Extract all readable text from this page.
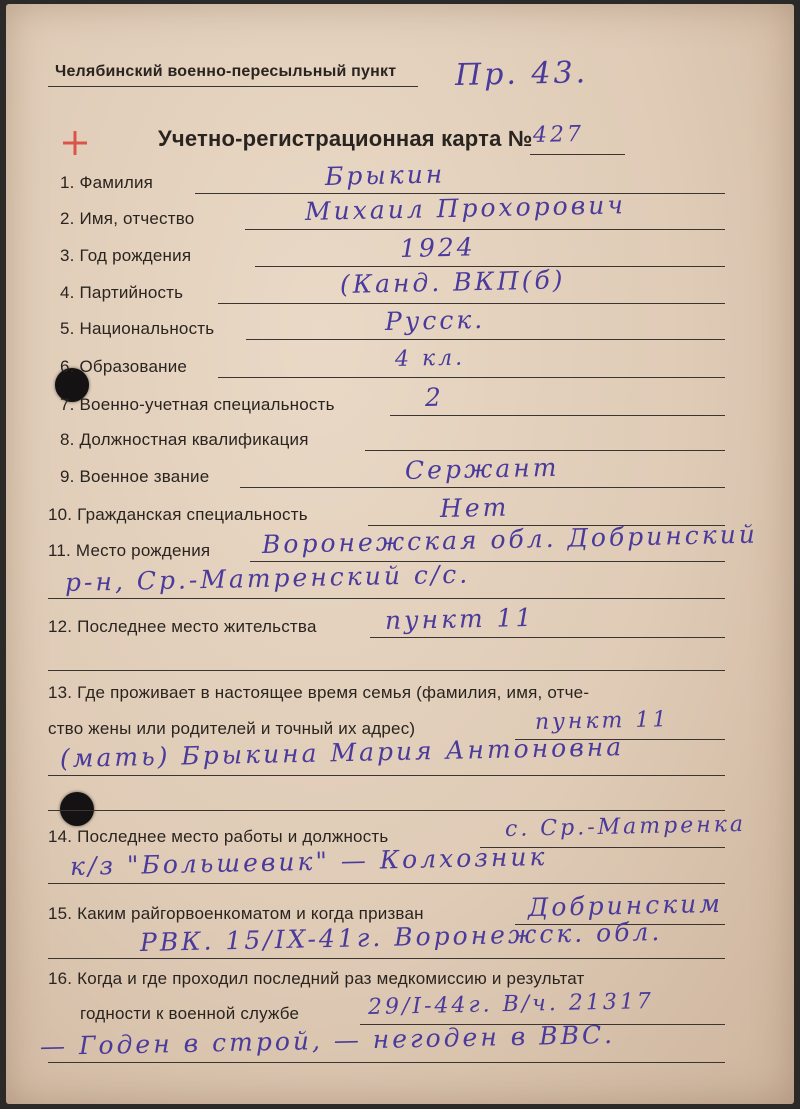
Челябинский военно-пересыльный пункт Пр. 43.
Учетно-регистрационная карта № 427
1. Фамилия	Брыкин
2. Имя, отчество	Михаил Прохорович
3. Год рождения	1924
4. Партийность	(Канд. ВКП(б)
5. Национальность	Русск.
6. Образование	4 кл.
7. Военно-учетная специальность	2
8. Должностная квалификация
9. Военное звание	Сержант
10. Гражданская специальность	Нет
11. Место рождения Воронежская обл. Добринский
р-н, Ср.-Матренский с/с.
12. Последнее место жительства	пункт 11
13. Где проживает в настоящее время семья (фамилия, имя, отче-
ство жены или родителей и точный их адрес)	пункт 11
(мать) Брыкина Мария Антоновна
14. Последнее место работы и должность	с. Ср.-Матренка
к/з "Большевик" — Колхозник
15. Каким райгорвоенкоматом и когда призван	Добринским
РВК. 15/IX-41г. Воронежск. обл.
16. Когда и где проходил последний раз медкомиссию и результат
годности к военной службе	29/I-44г. В/ч. 21317
— Годен в строй, — негоден в ВВС.
